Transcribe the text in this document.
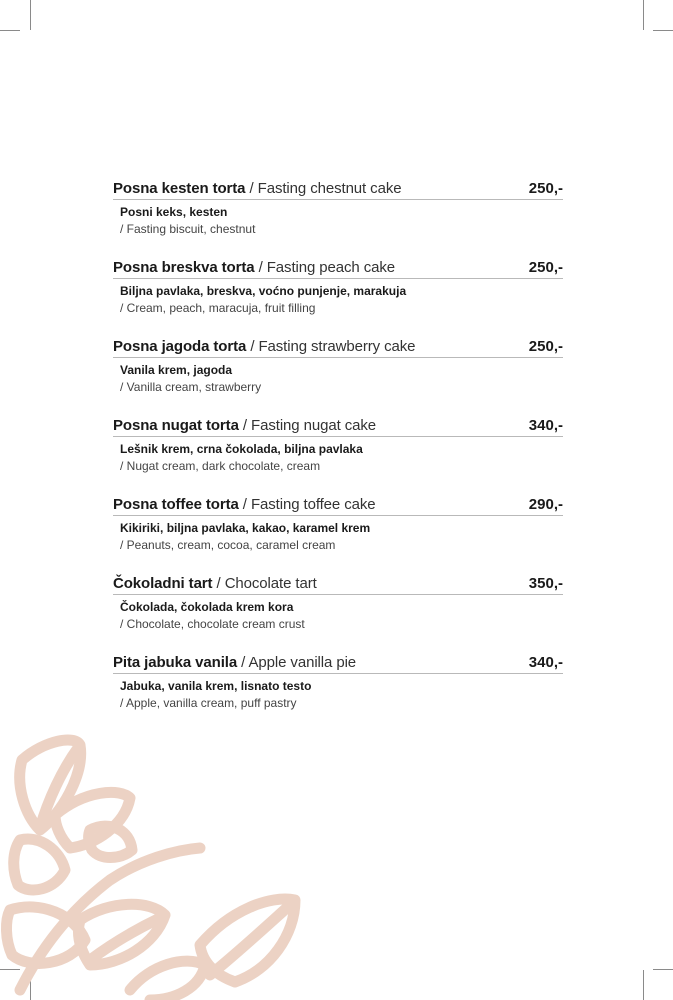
Posna kesten torta / Fasting chestnut cake	250,-
Posni keks, kesten
/ Fasting biscuit, chestnut
Posna breskva torta / Fasting peach cake	250,-
Biljna pavlaka, breskva, voćno punjenje, marakuja
/ Cream, peach, maracuja, fruit filling
Posna jagoda torta / Fasting strawberry cake	250,-
Vanila krem, jagoda
/ Vanilla cream, strawberry
Posna nugat torta / Fasting nugat cake	340,-
Lešnik krem, crna čokolada, biljna pavlaka
/ Nugat cream, dark chocolate, cream
Posna toffee torta / Fasting toffee cake	290,-
Kikiriki, biljna pavlaka, kakao, karamel krem
/ Peanuts, cream, cocoa, caramel cream
Čokoladni tart / Chocolate tart	350,-
Čokolada, čokolada krem kora
/ Chocolate, chocolate cream crust
Pita jabuka vanila / Apple vanilla pie	340,-
Jabuka, vanila krem, lisnato testo
/ Apple, vanilla cream, puff pastry
